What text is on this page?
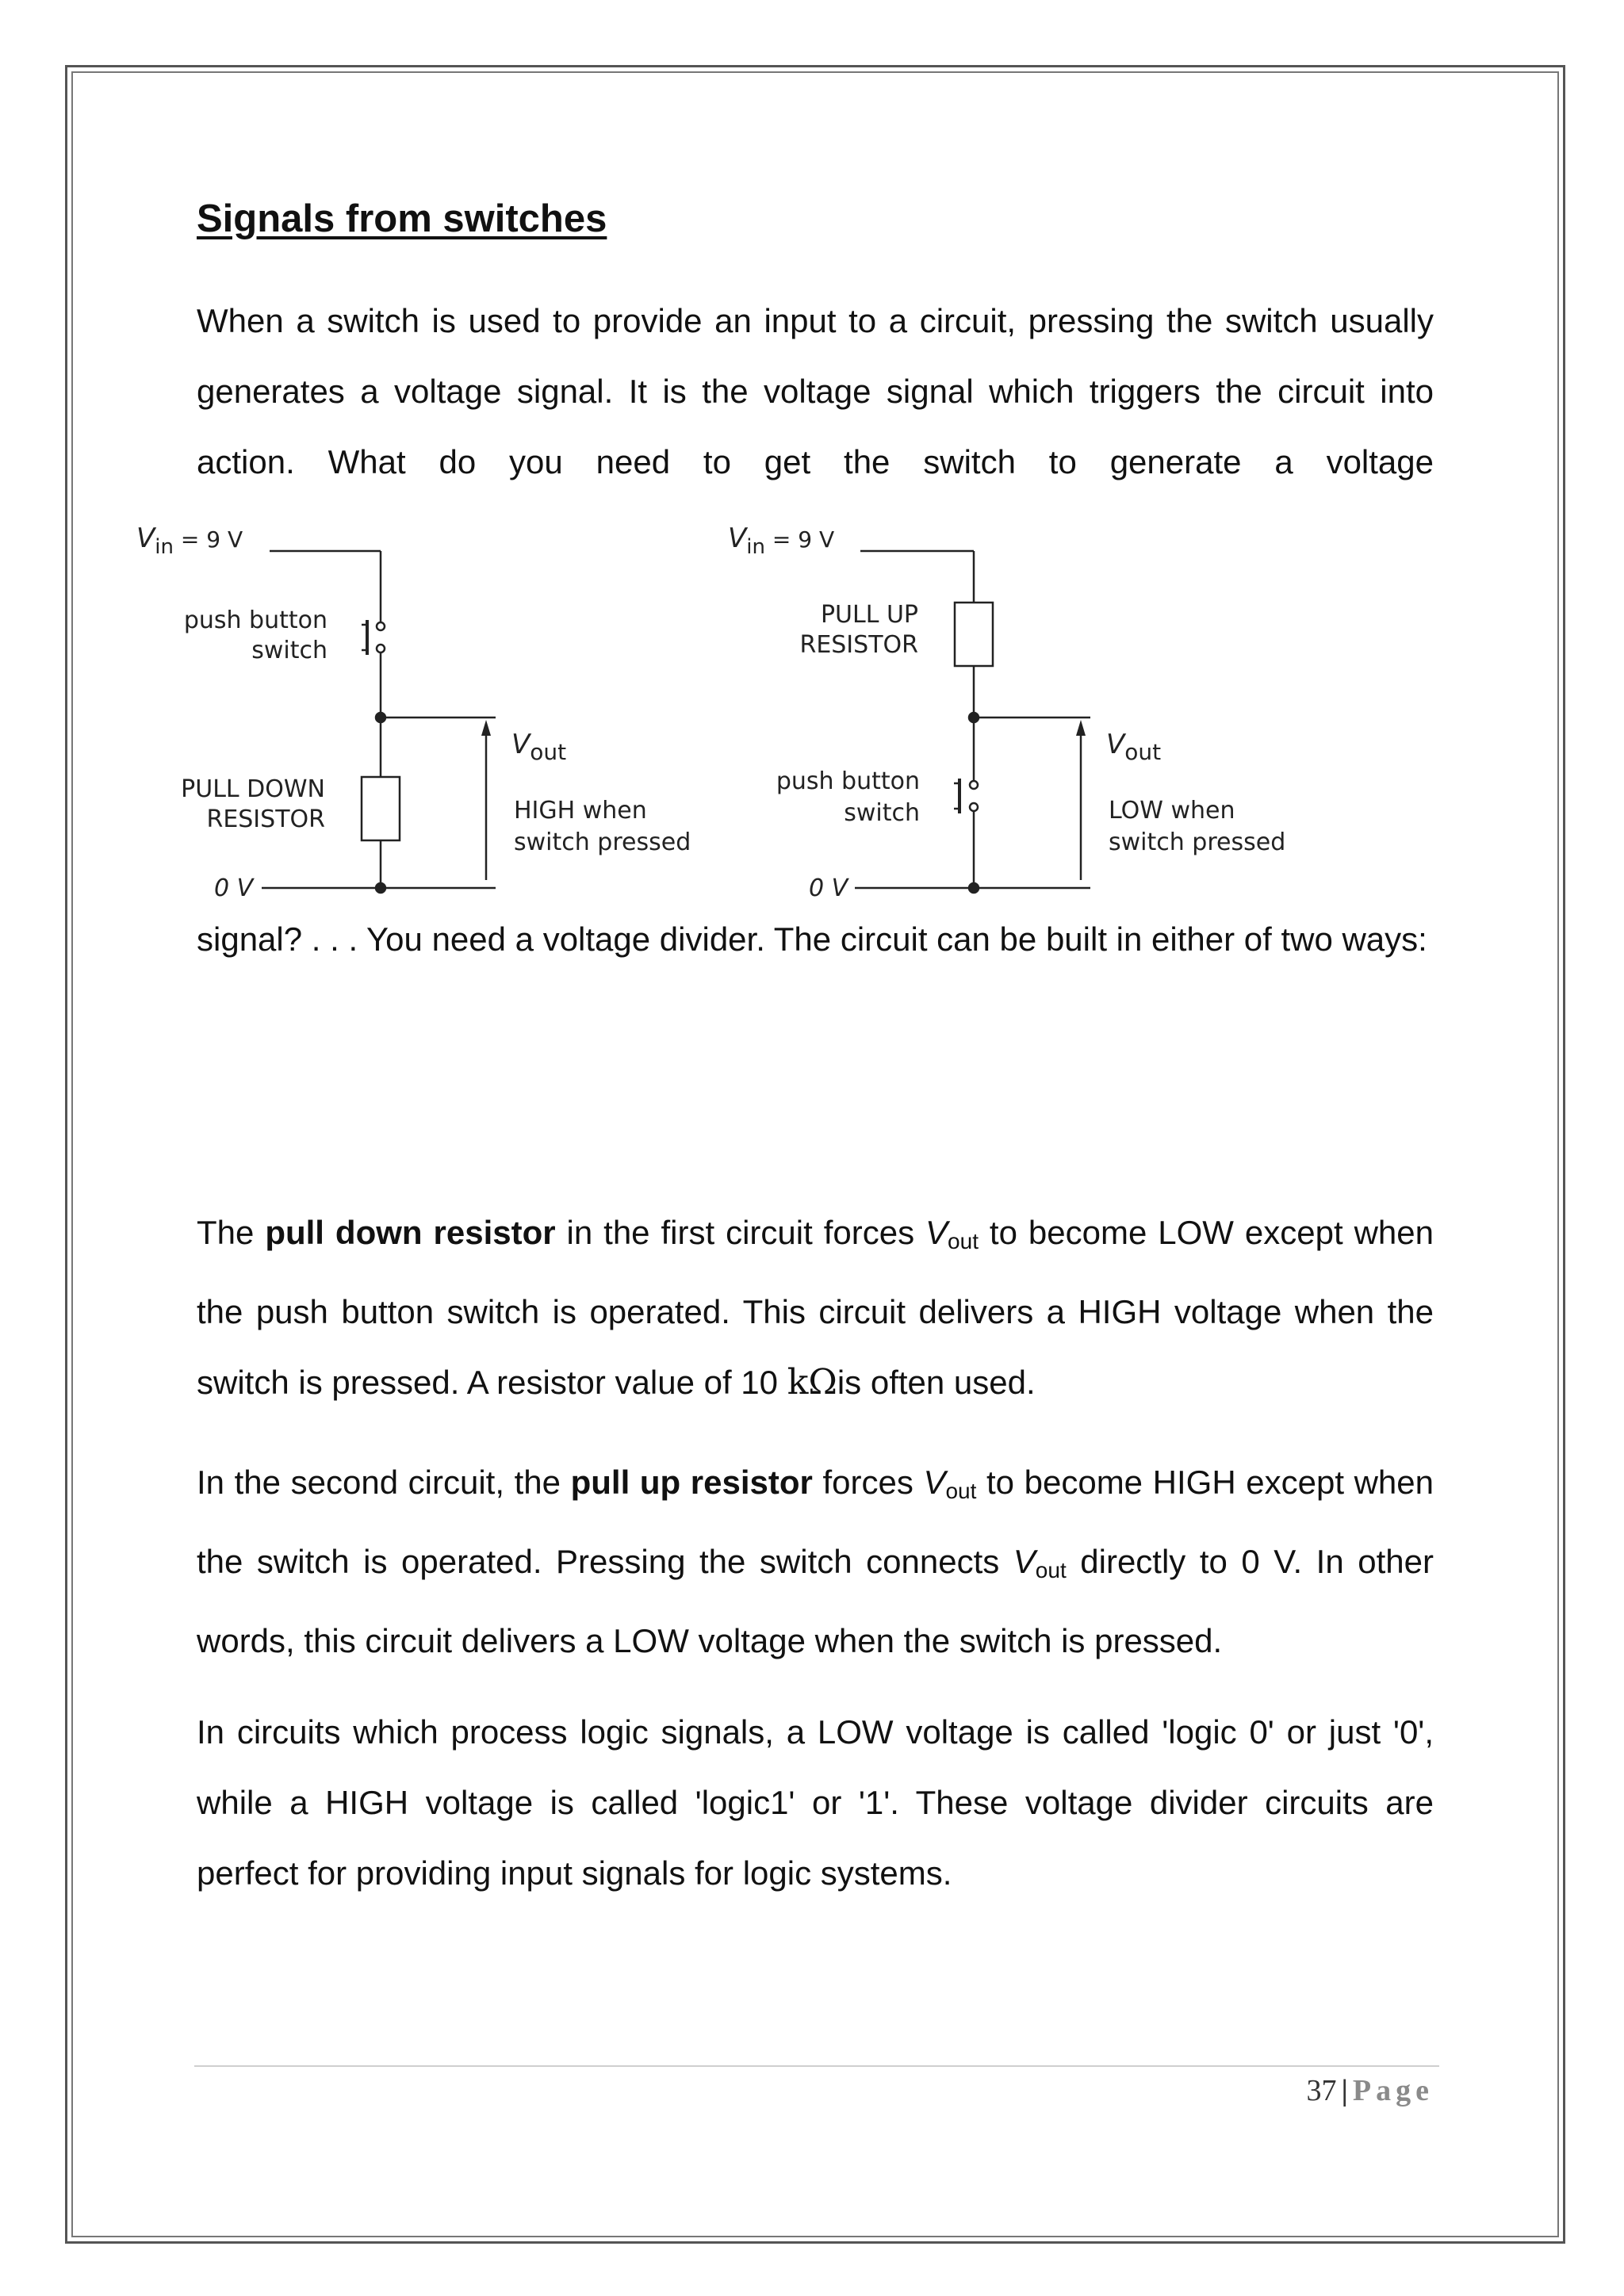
Signals from switches

When a switch is used to provide an input to a circuit, pressing the switch usually generates a voltage signal. It is the voltage signal which triggers the circuit into action. What do you need to get the switch to generate a voltage

$V_{in}$ $^{= 9 V}$
push button
switch
PULL DOWN
RESISTOR
0 V
$V_{out}$
HIGH when
switch pressed
$V_{in}$ $^{= 9 V}$
PULL UP
RESISTOR
push button
switch
0 V
$V_{out}$
LOW when
switch pressed

signal? . . . You need a voltage divider. The circuit can be built in either of two ways:

The pull down resistor in the first circuit forces $V_{out}$ to become LOW except when the push button switch is operated. This circuit delivers a HIGH voltage when the switch is pressed. A resistor value of 10 kΩis often used.

In the second circuit, the pull up resistor forces $V_{out}$ to become HIGH except when the switch is operated. Pressing the switch connects $V_{out}$ directly to 0 V. In other words, this circuit delivers a LOW voltage when the switch is pressed.

In circuits which process logic signals, a LOW voltage is called 'logic 0' or just '0', while a HIGH voltage is called 'logic1' or '1'. These voltage divider circuits are perfect for providing input signals for logic systems.

37 | Page
